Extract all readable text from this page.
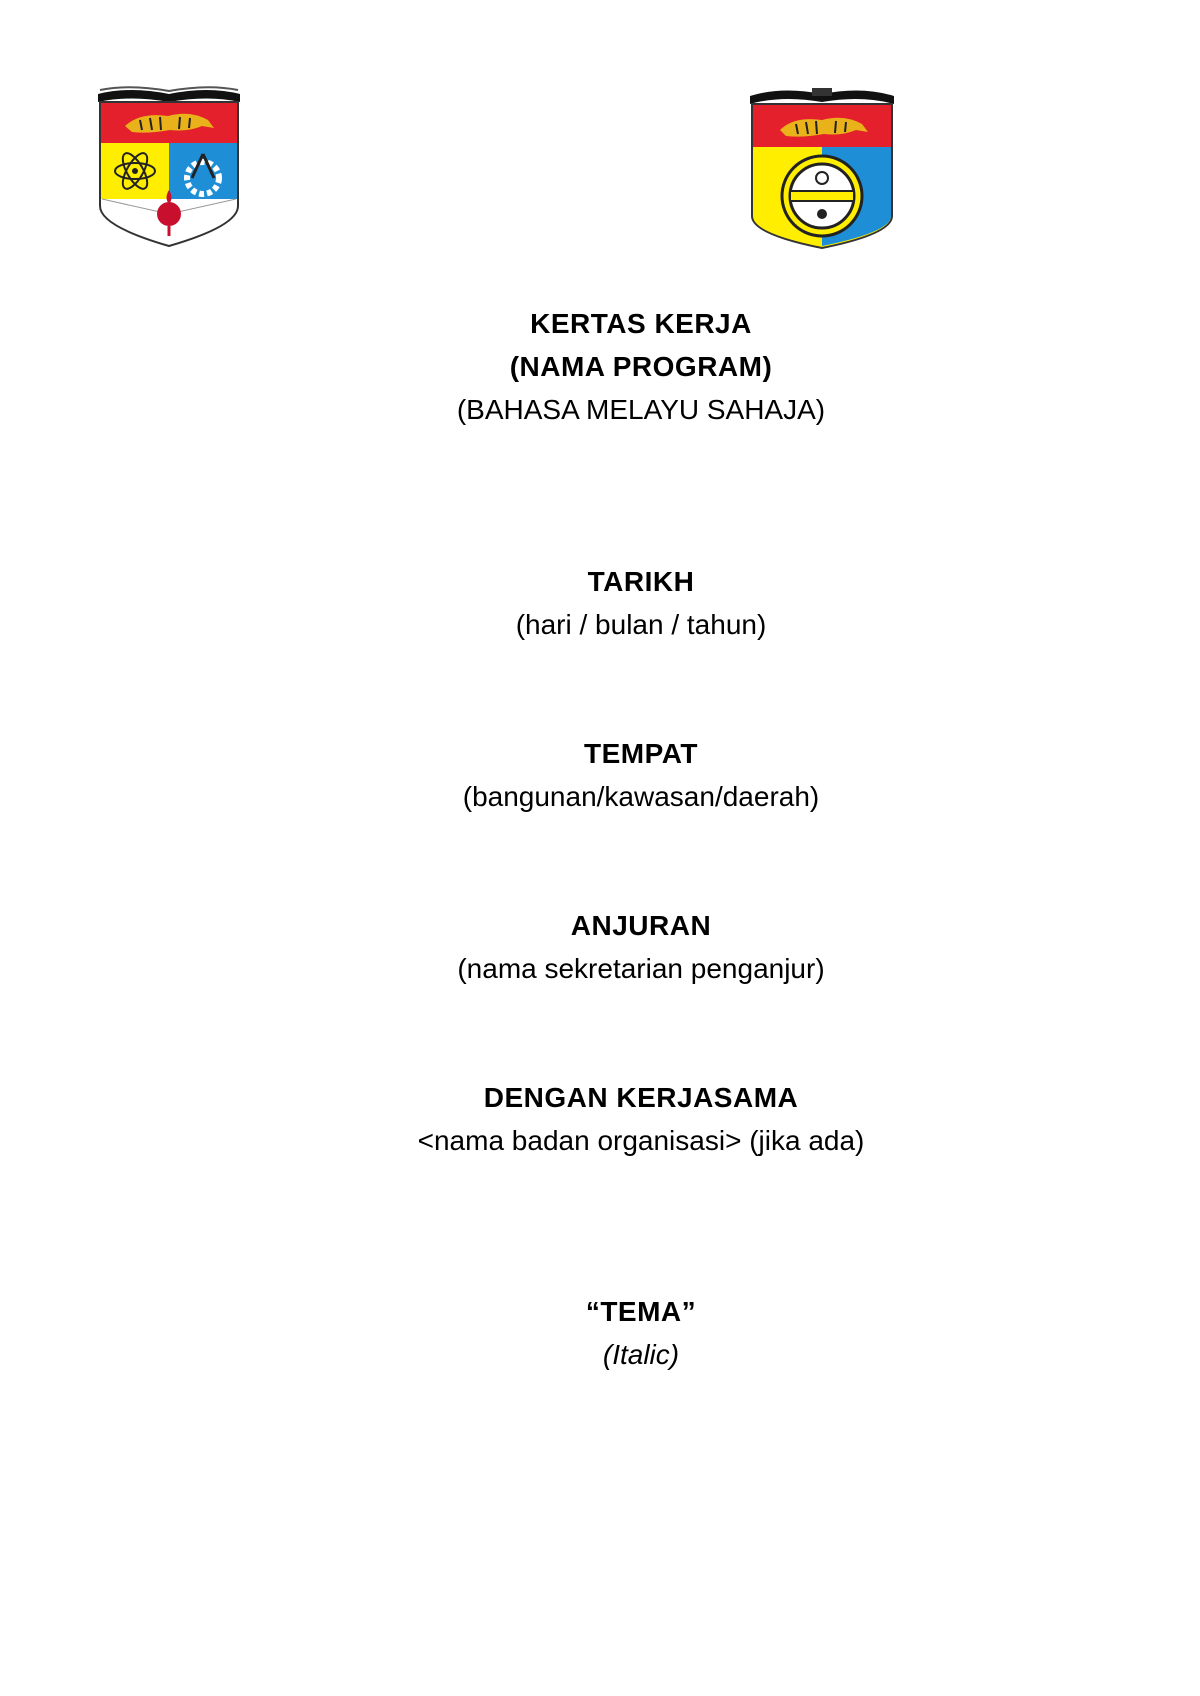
KERTAS KERJA
(NAMA PROGRAM)
(BAHASA MELAYU SAHAJA)
TARIKH
(hari / bulan / tahun)
TEMPAT
(bangunan/kawasan/daerah)
ANJURAN
(nama sekretarian penganjur)
DENGAN KERJASAMA
<nama badan organisasi> (jika ada)
“TEMA”
(Italic)
